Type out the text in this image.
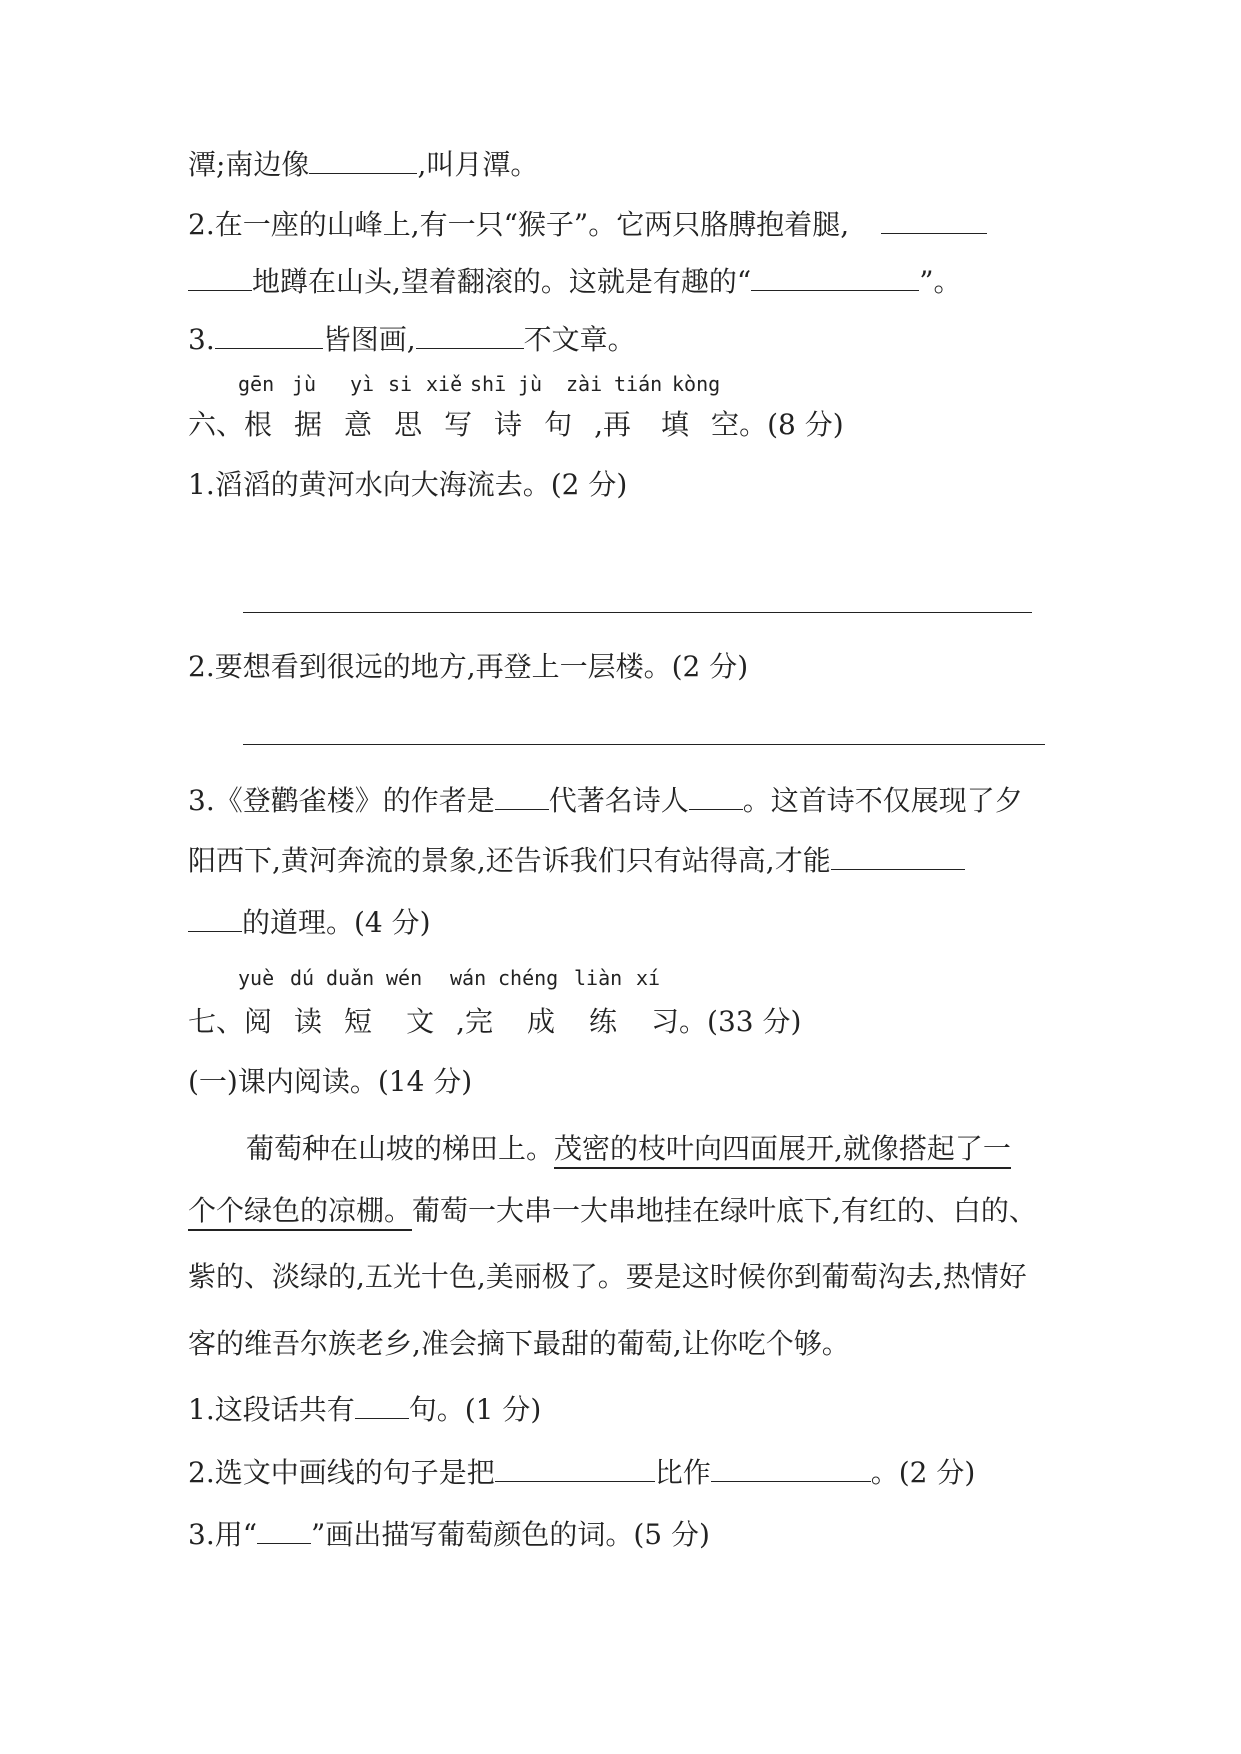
潭;南边像	,叫月潭。
2.在一座的山峰上,有一只“猴子”。它两只胳膊抱着腿,
地蹲在山头,望着翻滚的。这就是有趣的“	”。
3.	皆图画,	不文章。
gēn jù yì si xiě shī jù zài tián kòng
六、根 据 意 思 写 诗 句 ,再 填 空。(8 分)
1.滔滔的黄河水向大海流去。(2 分)
2.要想看到很远的地方,再登上一层楼。(2 分)
3.《登鹳雀楼》的作者是 代著名诗人 。这首诗不仅展现了夕
阳西下,黄河奔流的景象,还告诉我们只有站得高,才能
的道理。(4 分)
yuè dú duǎn wén wán chéng liàn xí
七、阅 读 短 文 ,完 成 练 习。(33 分)
(一)课内阅读。(14 分)
葡萄种在山坡的梯田上。茂密的枝叶向四面展开,就像搭起了一
个个绿色的凉棚。葡萄一大串一大串地挂在绿叶底下,有红的、白的、
紫的、淡绿的,五光十色,美丽极了。要是这时候你到葡萄沟去,热情好
客的维吾尔族老乡,准会摘下最甜的葡萄,让你吃个够。
1.这段话共有 句。(1 分)
2.选文中画线的句子是把	比作	。(2 分)
3.用“ ”画出描写葡萄颜色的词。(5 分)
